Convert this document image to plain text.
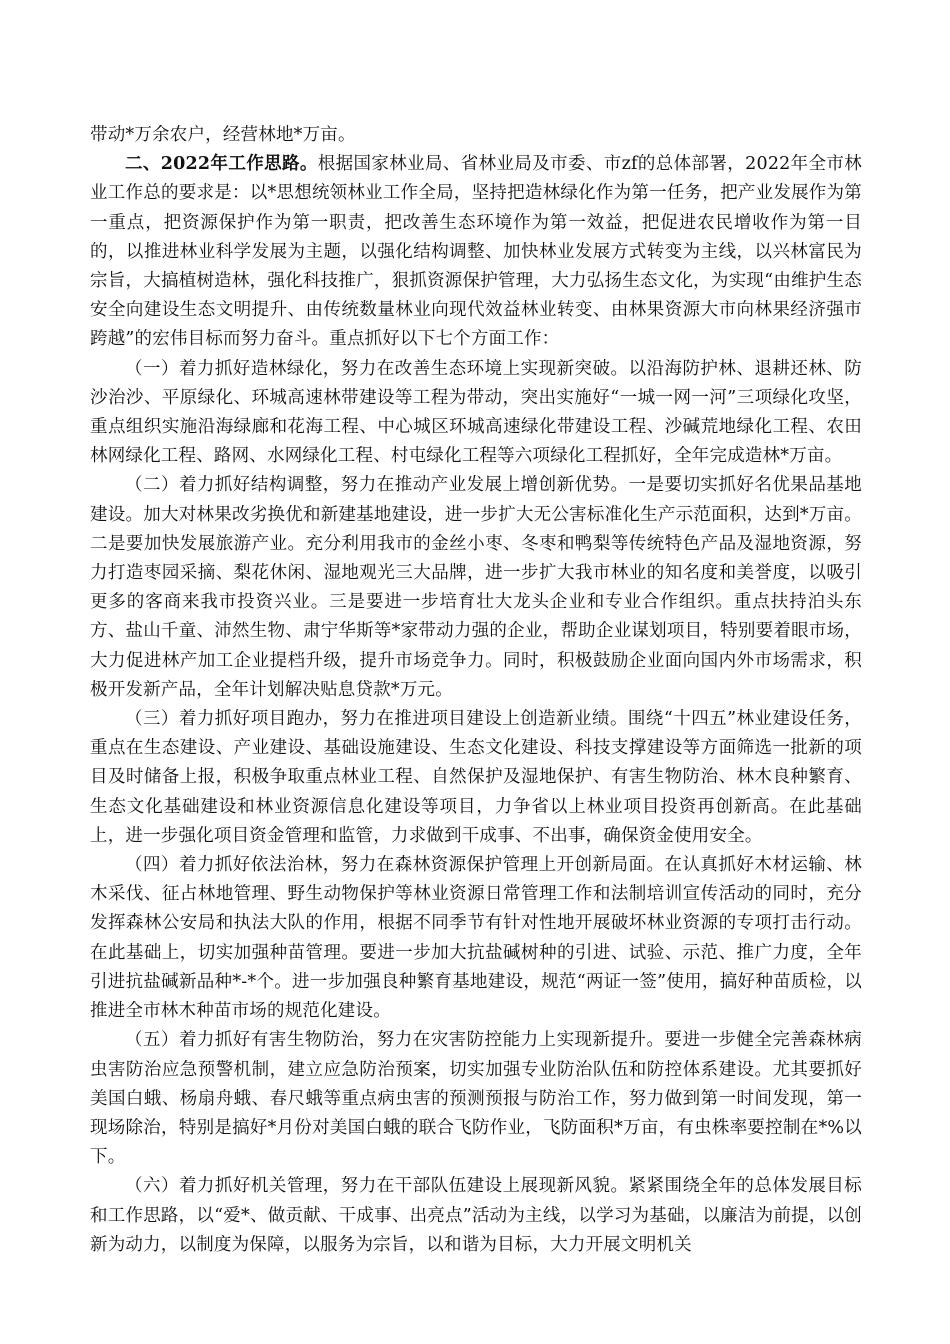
带动*万余农户，经营林地*万亩。

二、2022年工作思路。根据国家林业局、省林业局及市委、市zf的总体部署，2022年全市林业工作总的要求是：以*思想统领林业工作全局，坚持把造林绿化作为第一任务，把产业发展作为第一重点，把资源保护作为第一职责，把改善生态环境作为第一效益，把促进农民增收作为第一目的，以推进林业科学发展为主题，以强化结构调整、加快林业发展方式转变为主线，以兴林富民为宗旨，大搞植树造林，强化科技推广，狠抓资源保护管理，大力弘扬生态文化，为实现“由维护生态安全向建设生态文明提升、由传统数量林业向现代效益林业转变、由林果资源大市向林果经济强市跨越”的宏伟目标而努力奋斗。重点抓好以下七个方面工作：

（一）着力抓好造林绿化，努力在改善生态环境上实现新突破。以沿海防护林、退耕还林、防沙治沙、平原绿化、环城高速林带建设等工程为带动，突出实施好“一城一网一河”三项绿化攻坚，重点组织实施沿海绿廊和花海工程、中心城区环城高速绿化带建设工程、沙碱荒地绿化工程、农田林网绿化工程、路网、水网绿化工程、村屯绿化工程等六项绿化工程抓好，全年完成造林*万亩。

（二）着力抓好结构调整，努力在推动产业发展上增创新优势。一是要切实抓好名优果品基地建设。加大对林果改劣换优和新建基地建设，进一步扩大无公害标准化生产示范面积，达到*万亩。二是要加快发展旅游产业。充分利用我市的金丝小枣、冬枣和鸭梨等传统特色产品及湿地资源，努力打造枣园采摘、梨花休闲、湿地观光三大品牌，进一步扩大我市林业的知名度和美誉度，以吸引更多的客商来我市投资兴业。三是要进一步培育壮大龙头企业和专业合作组织。重点扶持泊头东方、盐山千童、沛然生物、肃宁华斯等*家带动力强的企业，帮助企业谋划项目，特别要着眼市场，大力促进林产加工企业提档升级，提升市场竞争力。同时，积极鼓励企业面向国内外市场需求，积极开发新产品，全年计划解决贴息贷款*万元。

（三）着力抓好项目跑办，努力在推进项目建设上创造新业绩。围绕“十四五”林业建设任务，重点在生态建设、产业建设、基础设施建设、生态文化建设、科技支撑建设等方面筛选一批新的项目及时储备上报，积极争取重点林业工程、自然保护及湿地保护、有害生物防治、林木良种繁育、生态文化基础建设和林业资源信息化建设等项目，力争省以上林业项目投资再创新高。在此基础上，进一步强化项目资金管理和监管，力求做到干成事、不出事，确保资金使用安全。

（四）着力抓好依法治林，努力在森林资源保护管理上开创新局面。在认真抓好木材运输、林木采伐、征占林地管理、野生动物保护等林业资源日常管理工作和法制培训宣传活动的同时，充分发挥森林公安局和执法大队的作用，根据不同季节有针对性地开展破坏林业资源的专项打击行动。在此基础上，切实加强种苗管理。要进一步加大抗盐碱树种的引进、试验、示范、推广力度，全年引进抗盐碱新品种*-*个。进一步加强良种繁育基地建设，规范“两证一签”使用，搞好种苗质检，以推进全市林木种苗市场的规范化建设。

（五）着力抓好有害生物防治，努力在灾害防控能力上实现新提升。要进一步健全完善森林病虫害防治应急预警机制，建立应急防治预案，切实加强专业防治队伍和防控体系建设。尤其要抓好美国白蛾、杨扇舟蛾、春尺蛾等重点病虫害的预测预报与防治工作，努力做到第一时间发现，第一现场除治，特别是搞好*月份对美国白蛾的联合飞防作业，飞防面积*万亩，有虫株率要控制在*%以下。

（六）着力抓好机关管理，努力在干部队伍建设上展现新风貌。紧紧围绕全年的总体发展目标和工作思路，以“爱*、做贡献、干成事、出亮点”活动为主线，以学习为基础，以廉洁为前提，以创新为动力，以制度为保障，以服务为宗旨，以和谐为目标，大力开展文明机关
